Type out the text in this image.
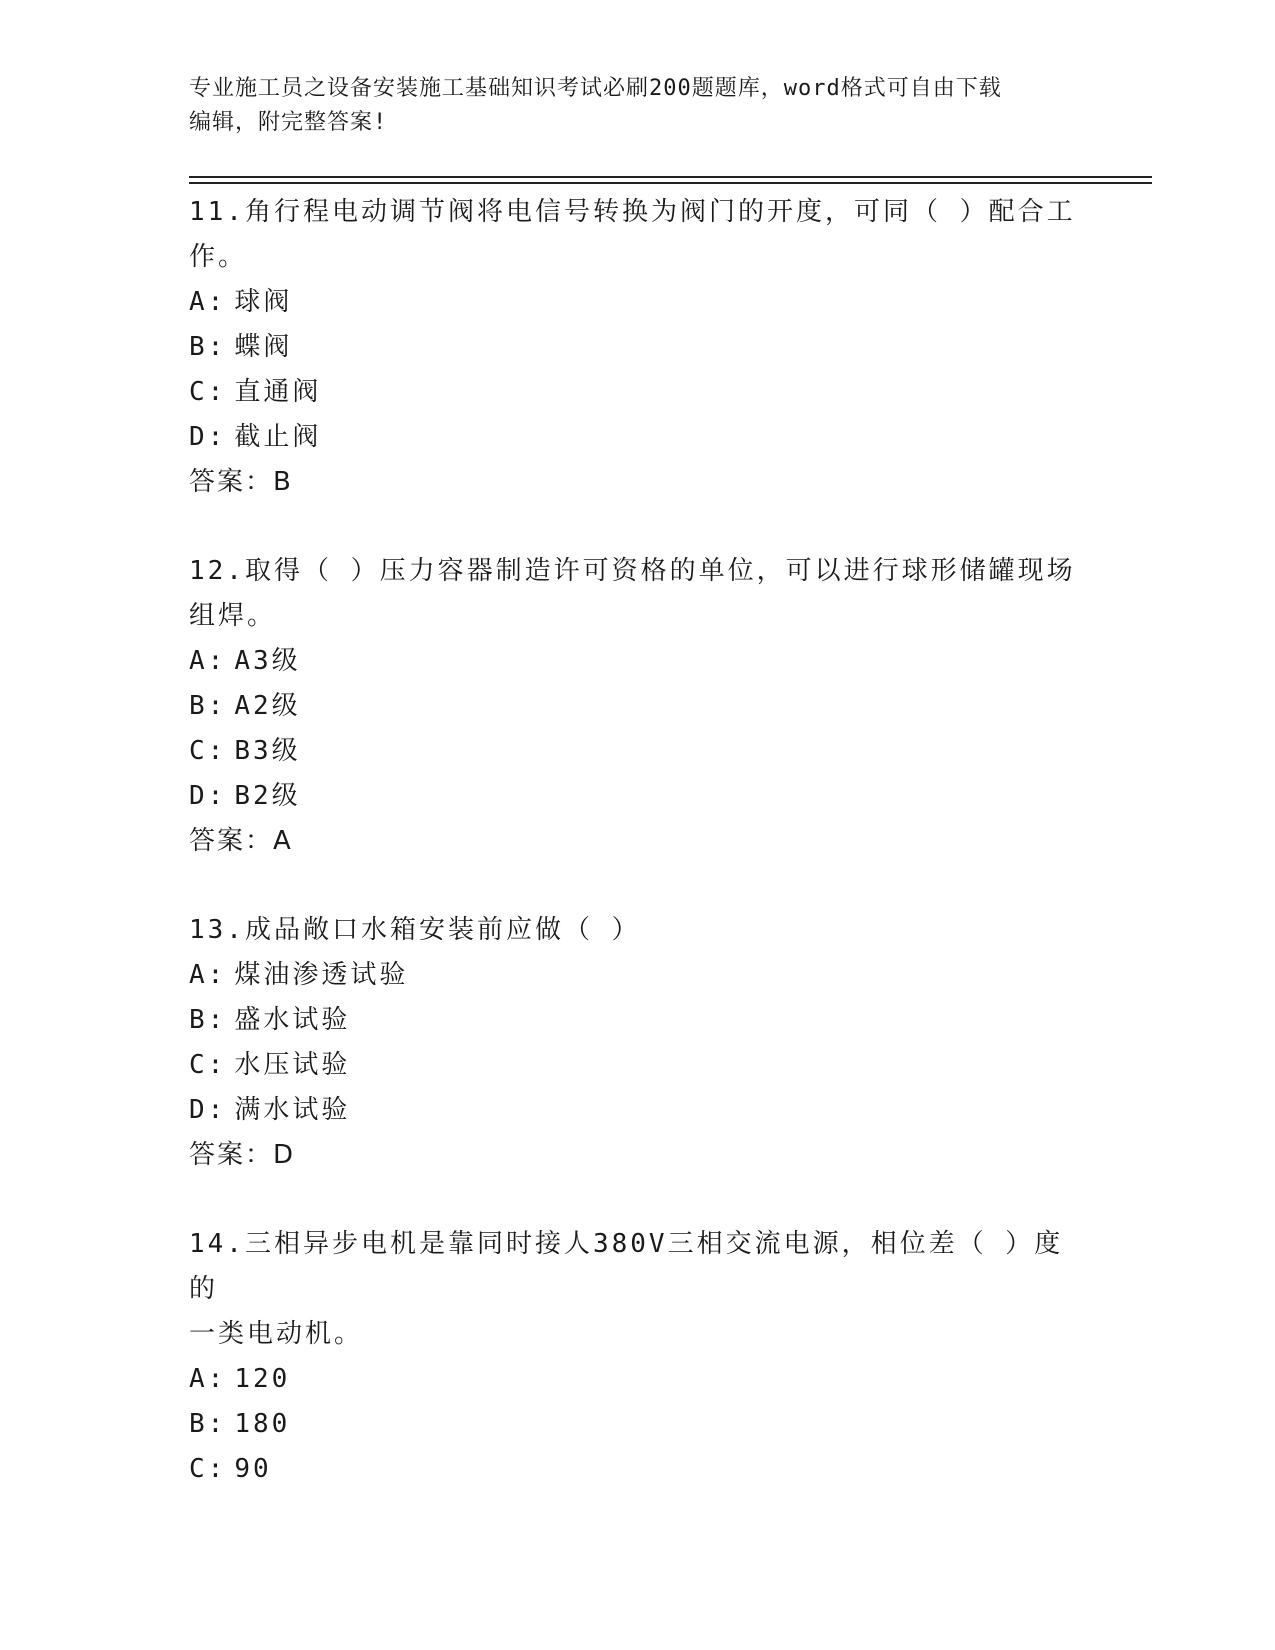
专业施工员之设备安装施工基础知识考试必刷200题题库，word格式可自由下载
编辑，附完整答案!

11.角行程电动调节阀将电信号转换为阀门的开度，可同（ ）配合工

作。

A: 球阀

B: 蝶阀

C: 直通阀

D: 截止阀

答案：B

12.取得（ ）压力容器制造许可资格的单位，可以进行球形储罐现场

组焊。

A: A3级

B: A2级

C: B3级

D: B2级

答案：A

13.成品敞口水箱安装前应做（ ）

A: 煤油渗透试验

B: 盛水试验

C: 水压试验

D: 满水试验

答案：D

14.三相异步电机是靠同时接人380V三相交流电源，相位差（ ）度的

一类电动机。

A: 120

B: 180

C: 90
